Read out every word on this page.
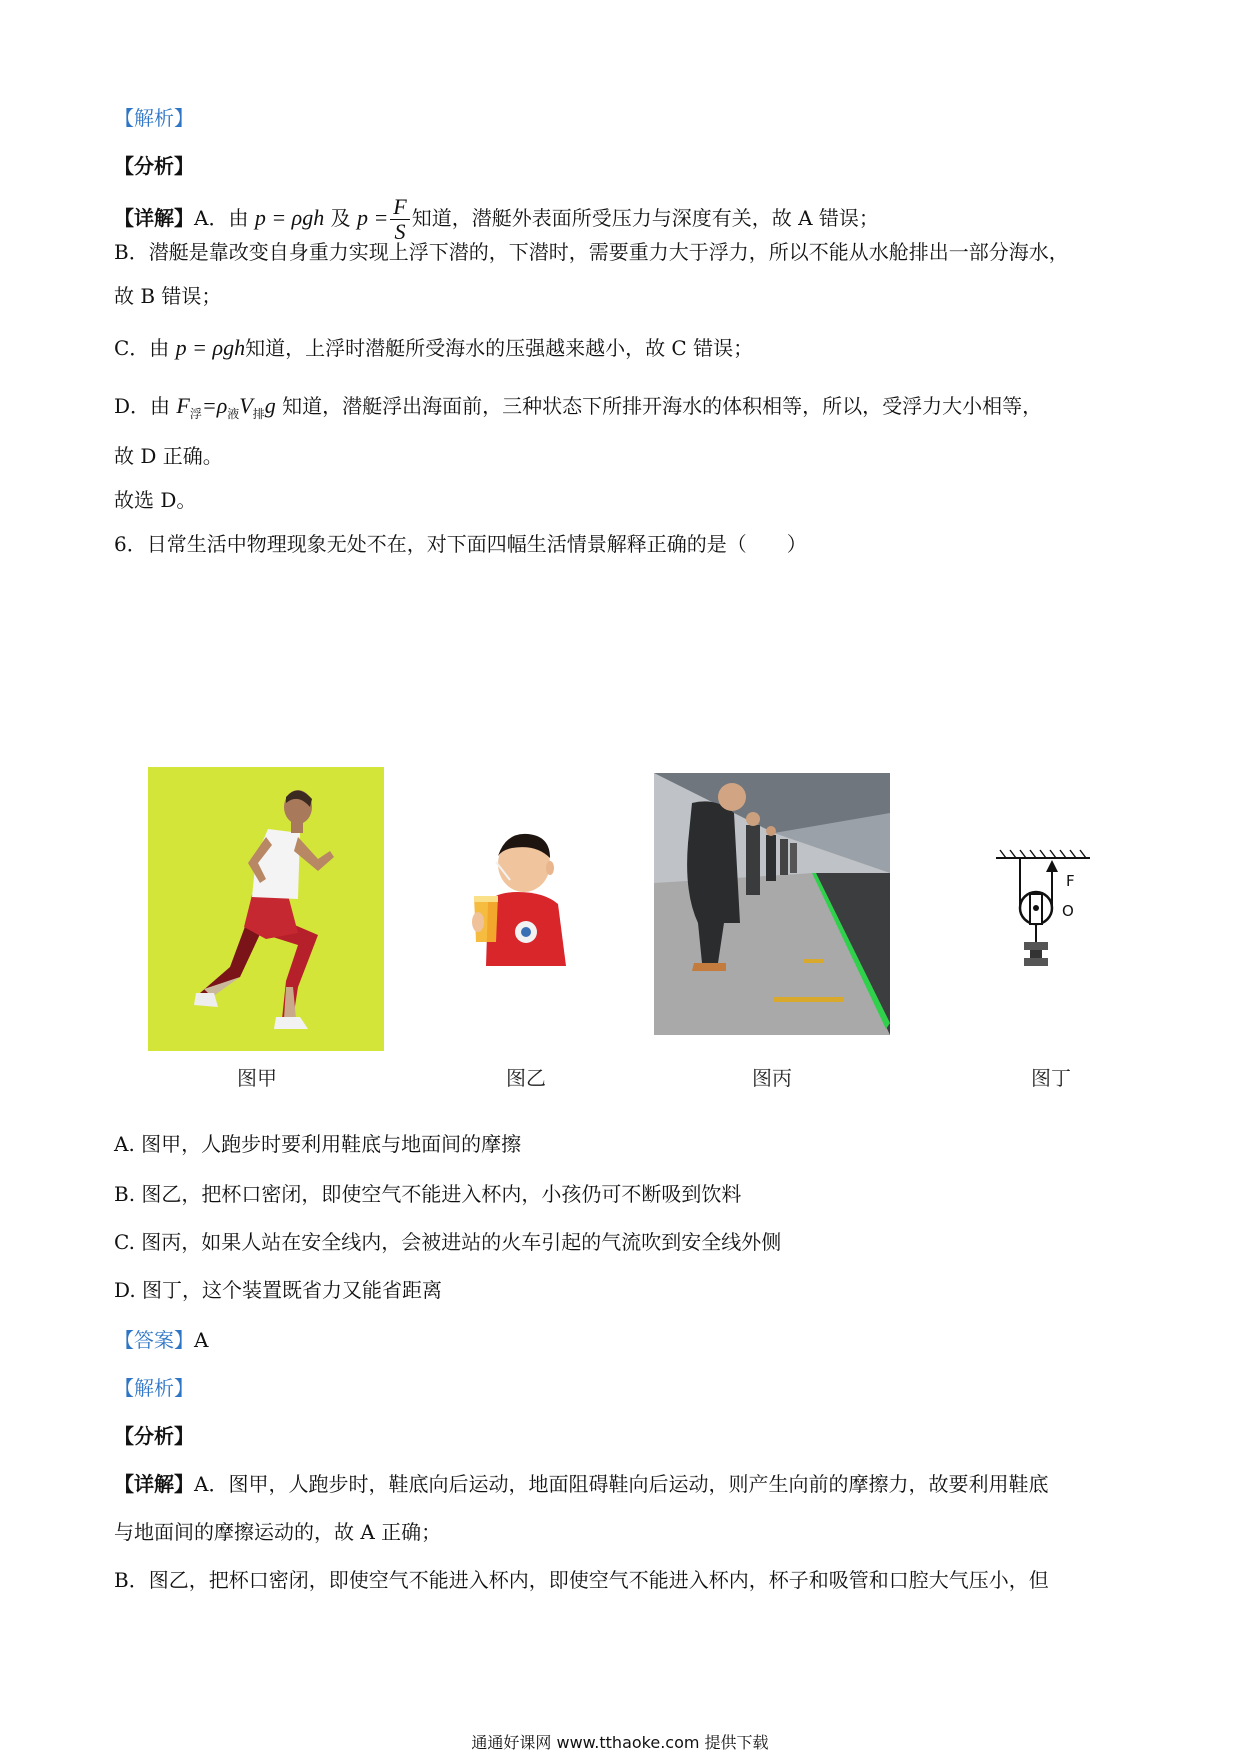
【解析】
【分析】
【详解】A．由 p = ρgh 及 $p = \frac{F}{S}$ 知道，潜艇外表面所受压力与深度有关，故 A 错误；
B．潜艇是靠改变自身重力实现上浮下潜的，下潜时，需要重力大于浮力，所以不能从水舱排出一部分海水，
故 B 错误；
C．由 p = ρgh知道，上浮时潜艇所受海水的压强越来越小，故 C 错误；
D．由 $F_浮=\rho_液V_排g$ 知道，潜艇浮出海面前，三种状态下所排开海水的体积相等，所以，受浮力大小相等，
故 D 正确。
故选 D。
6．日常生活中物理现象无处不在，对下面四幅生活情景解释正确的是（　　）
图甲	图乙	图丙
F
O
图丁
A. 图甲，人跑步时要利用鞋底与地面间的摩擦
B. 图乙，把杯口密闭，即使空气不能进入杯内，小孩仍可不断吸到饮料
C. 图丙，如果人站在安全线内，会被进站的火车引起的气流吹到安全线外侧
D. 图丁，这个装置既省力又能省距离
【答案】A
【解析】
【分析】
【详解】A．图甲，人跑步时，鞋底向后运动，地面阻碍鞋向后运动，则产生向前的摩擦力，故要利用鞋底
与地面间的摩擦运动的，故 A 正确；
B．图乙，把杯口密闭，即使空气不能进入杯内，即使空气不能进入杯内，杯子和吸管和口腔大气压小，但
通通好课网 www.tthaoke.com 提供下载
